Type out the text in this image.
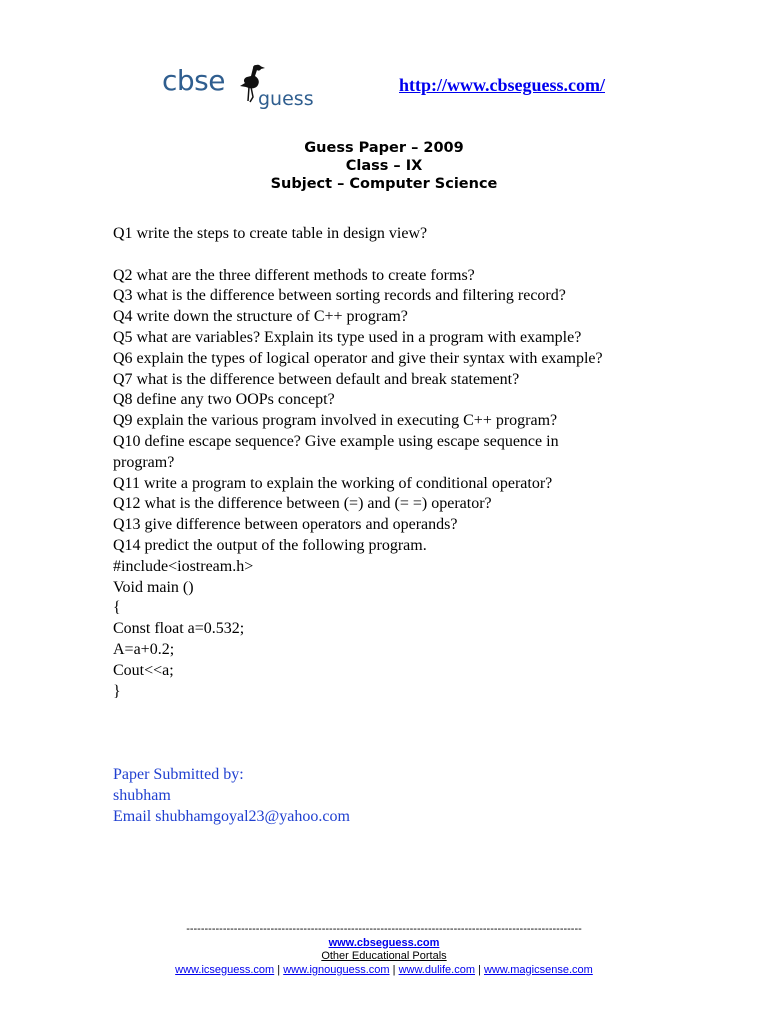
cbse
guess
http://www.cbseguess.com/
Guess Paper – 2009
Class – IX
Subject – Computer Science
Q1 write the steps to create table in design view?
Q2 what are the three different methods to create forms?
Q3 what is the difference between sorting records and filtering record?
Q4 write down the structure of C++ program?
Q5 what are variables? Explain its type used in a program with example?
Q6 explain the types of logical operator and give their syntax with example?
Q7 what is the difference between default and break statement?
Q8 define any two OOPs concept?
Q9 explain the various program involved in executing C++ program?
Q10 define escape sequence? Give example using escape sequence in
program?
Q11 write a program to explain the working of conditional operator?
Q12 what is the difference between (=) and (= =) operator?
Q13 give difference between operators and operands?
Q14 predict the output of the following program.
#include<iostream.h>
Void main ()
{
Const float a=0.532;
A=a+0.2;
Cout<<a;
}
Paper Submitted by:
shubham
Email shubhamgoyal23@yahoo.com
------------------------------------------------------------------------------------------------------------
www.cbseguess.com
Other Educational Portals
www.icseguess.com | www.ignouguess.com | www.dulife.com | www.magicsense.com
